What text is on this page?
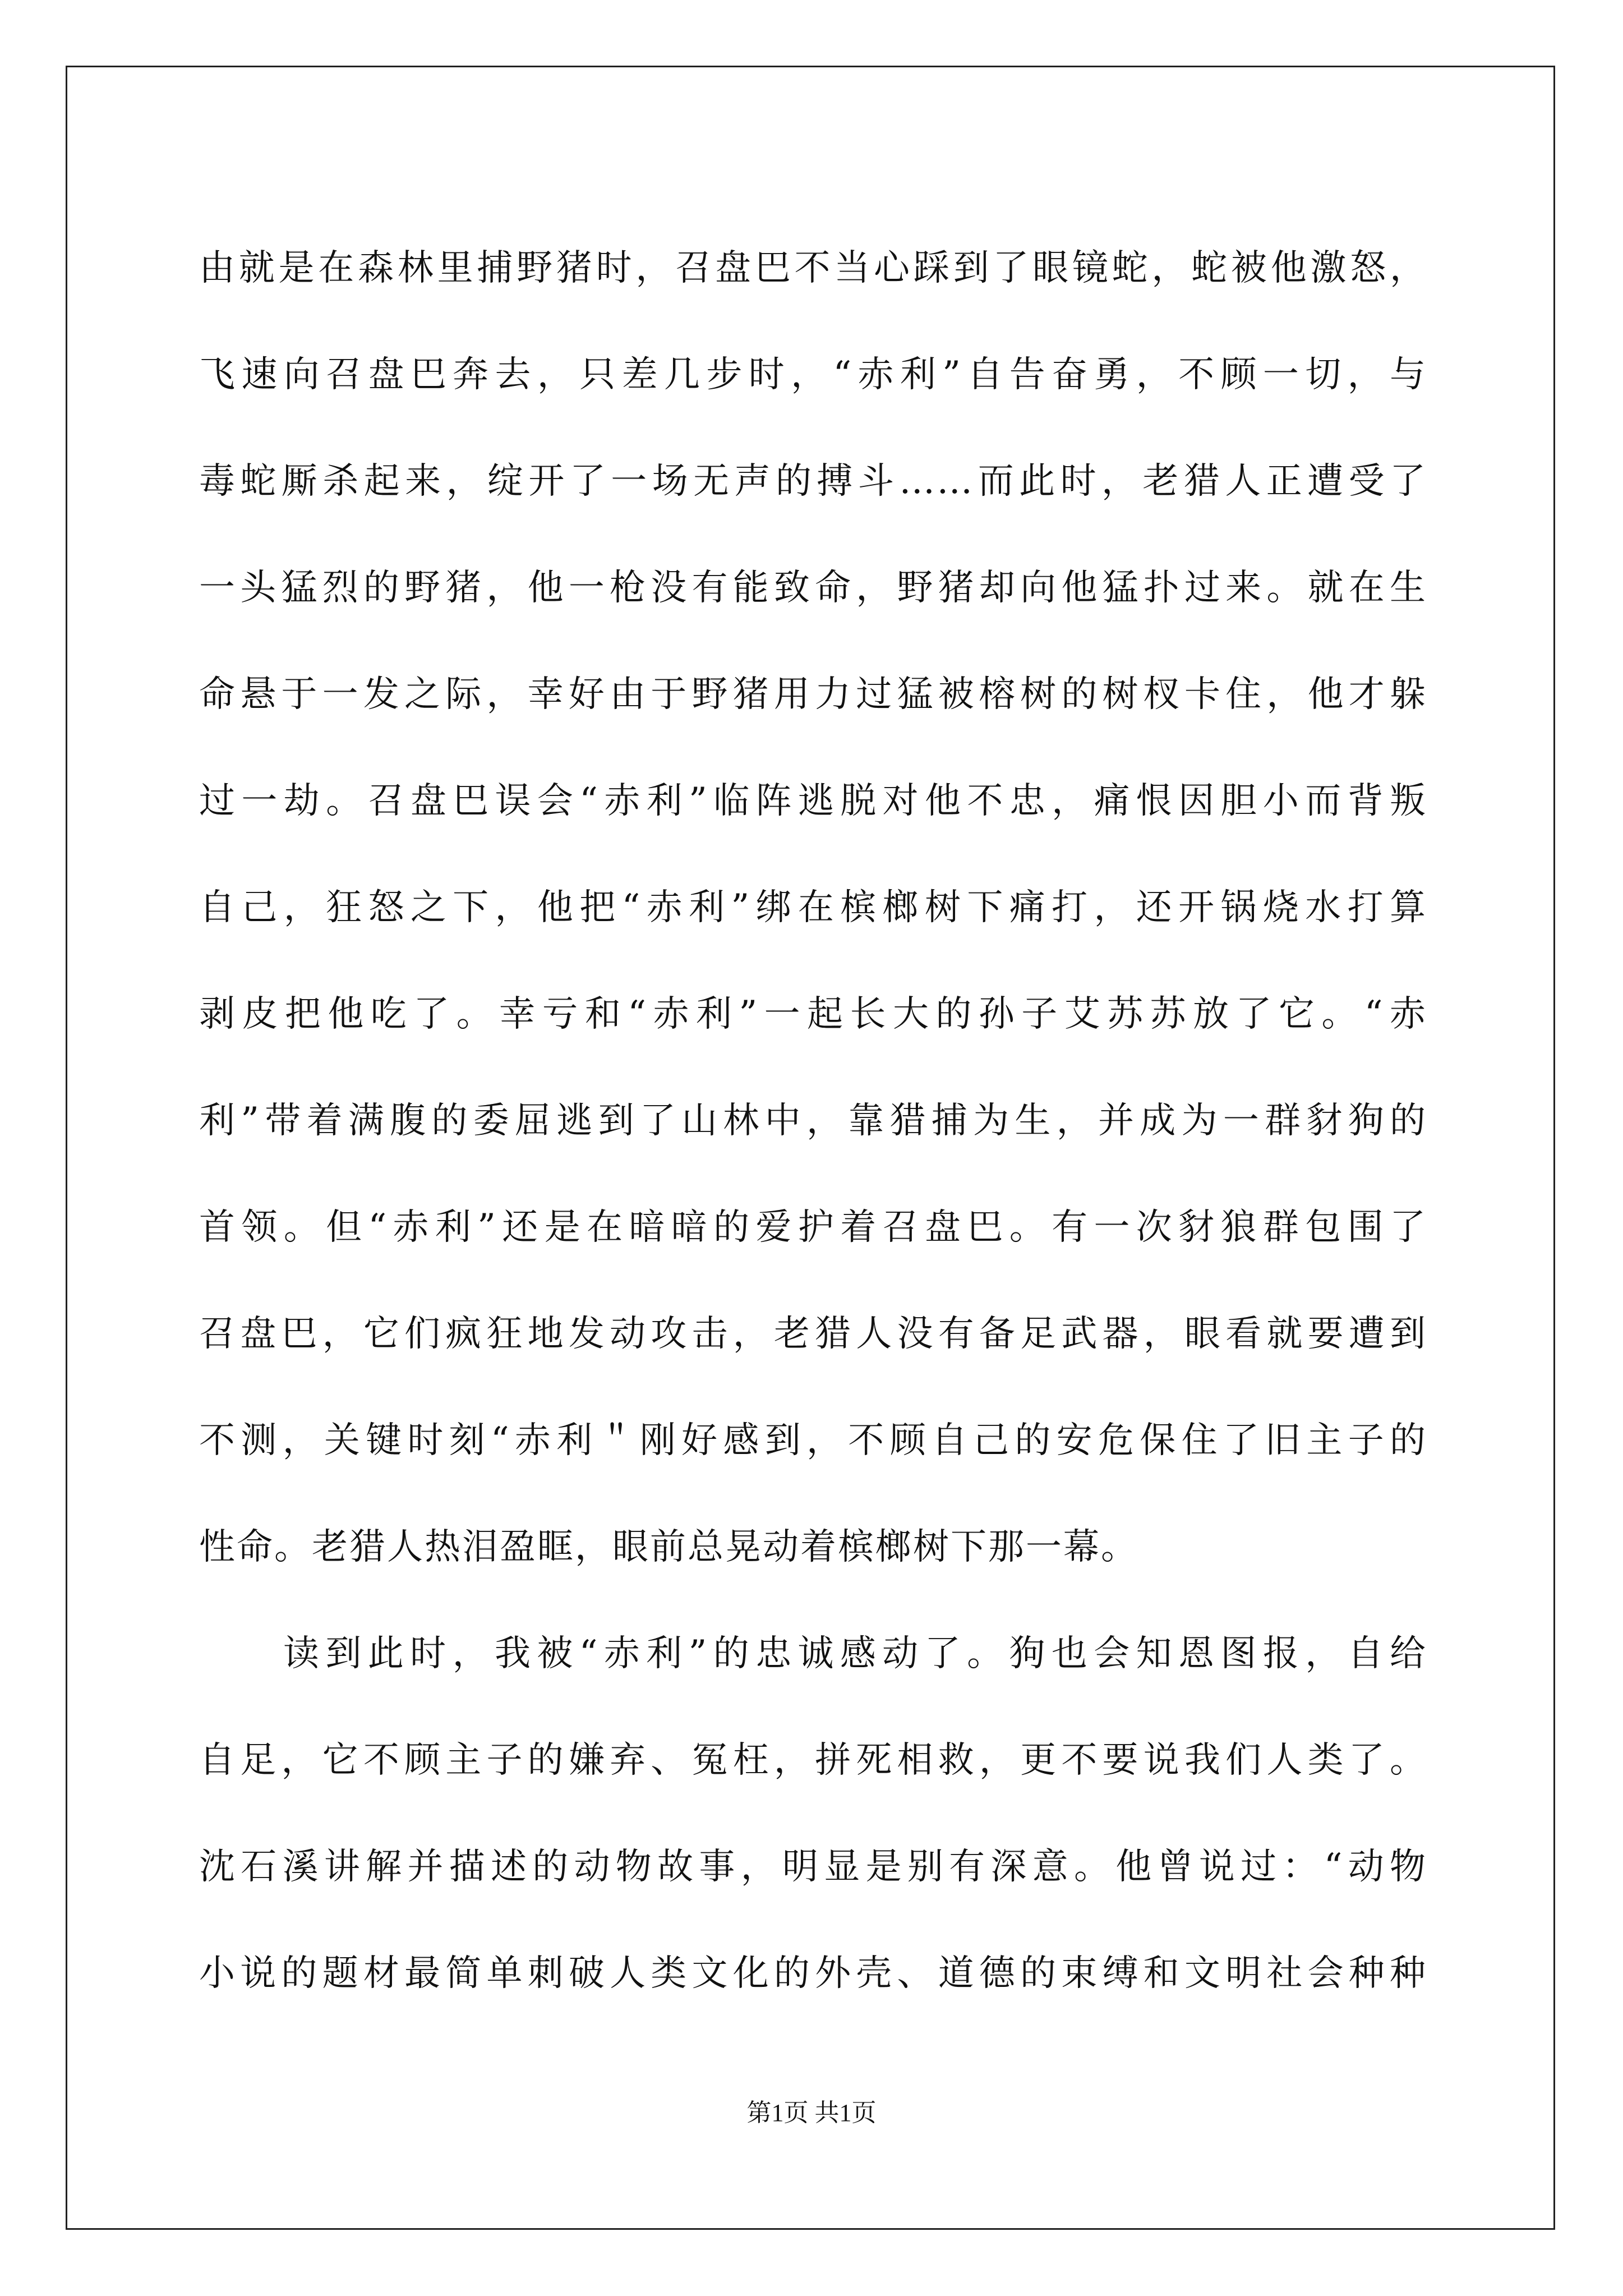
由就是在森林里捕野猪时，召盘巴不当心踩到了眼镜蛇，蛇被他激怒，
飞速向召盘巴奔去，只差几步时，“赤利”自告奋勇，不顾一切，与
毒蛇厮杀起来，绽开了一场无声的搏斗……而此时，老猎人正遭受了
一头猛烈的野猪，他一枪没有能致命，野猪却向他猛扑过来。就在生
命悬于一发之际，幸好由于野猪用力过猛被榕树的树杈卡住，他才躲
过一劫。召盘巴误会“赤利”临阵逃脱对他不忠，痛恨因胆小而背叛
自己，狂怒之下，他把“赤利”绑在槟榔树下痛打，还开锅烧水打算
剥皮把他吃了。幸亏和“赤利”一起长大的孙子艾苏苏放了它。“赤
利”带着满腹的委屈逃到了山林中，靠猎捕为生，并成为一群豺狗的
首领。但“赤利”还是在暗暗的爱护着召盘巴。有一次豺狼群包围了
召盘巴，它们疯狂地发动攻击，老猎人没有备足武器，眼看就要遭到
不测，关键时刻“赤利＂刚好感到，不顾自己的安危保住了旧主子的
性命。老猎人热泪盈眶，眼前总晃动着槟榔树下那一幕。
读到此时，我被“赤利”的忠诚感动了。狗也会知恩图报，自给
自足，它不顾主子的嫌弃、冤枉，拼死相救，更不要说我们人类了。
沈石溪讲解并描述的动物故事，明显是别有深意。他曾说过：“动物
小说的题材最简单刺破人类文化的外壳、道德的束缚和文明社会种种
第1页 共1页
